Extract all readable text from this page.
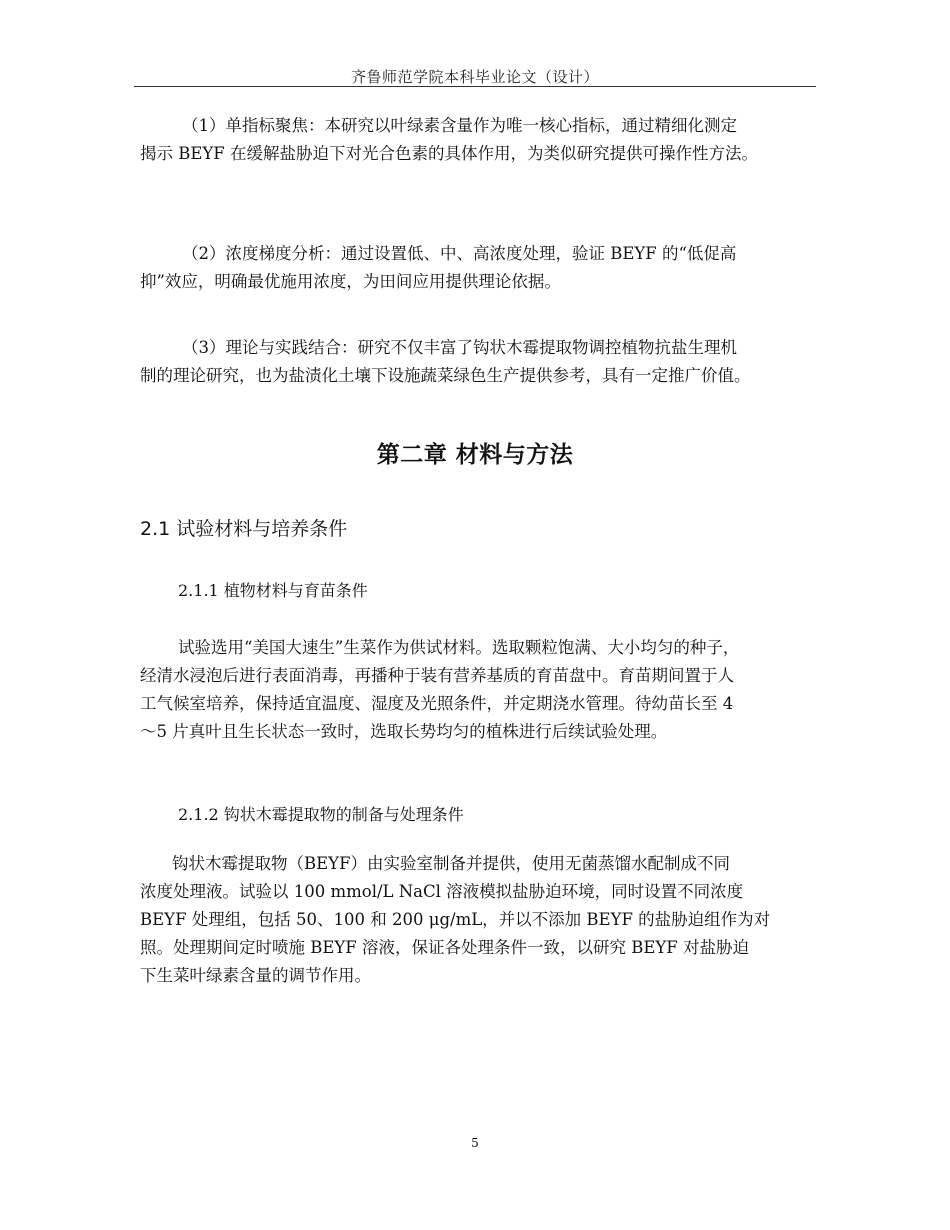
齐鲁师范学院本科毕业论文（设计）
（1）单指标聚焦：本研究以叶绿素含量作为唯一核心指标，通过精细化测定
揭示 BEYF 在缓解盐胁迫下对光合色素的具体作用，为类似研究提供可操作性方法。
（2）浓度梯度分析：通过设置低、中、高浓度处理，验证 BEYF 的“低促高
抑”效应，明确最优施用浓度，为田间应用提供理论依据。
（3）理论与实践结合：研究不仅丰富了钩状木霉提取物调控植物抗盐生理机
制的理论研究，也为盐渍化土壤下设施蔬菜绿色生产提供参考，具有一定推广价值。
第二章 材料与方法
2.1 试验材料与培养条件
2.1.1 植物材料与育苗条件
试验选用“美国大速生”生菜作为供试材料。选取颗粒饱满、大小均匀的种子，
经清水浸泡后进行表面消毒，再播种于装有营养基质的育苗盘中。育苗期间置于人
工气候室培养，保持适宜温度、湿度及光照条件，并定期浇水管理。待幼苗长至 4
～5 片真叶且生长状态一致时，选取长势均匀的植株进行后续试验处理。
2.1.2 钩状木霉提取物的制备与处理条件
钩状木霉提取物（BEYF）由实验室制备并提供，使用无菌蒸馏水配制成不同
浓度处理液。试验以 100 mmol/L NaCl 溶液模拟盐胁迫环境，同时设置不同浓度
BEYF 处理组，包括 50、100 和 200 μg/mL，并以不添加 BEYF 的盐胁迫组作为对
照。处理期间定时喷施 BEYF 溶液，保证各处理条件一致，以研究 BEYF 对盐胁迫
下生菜叶绿素含量的调节作用。
5
